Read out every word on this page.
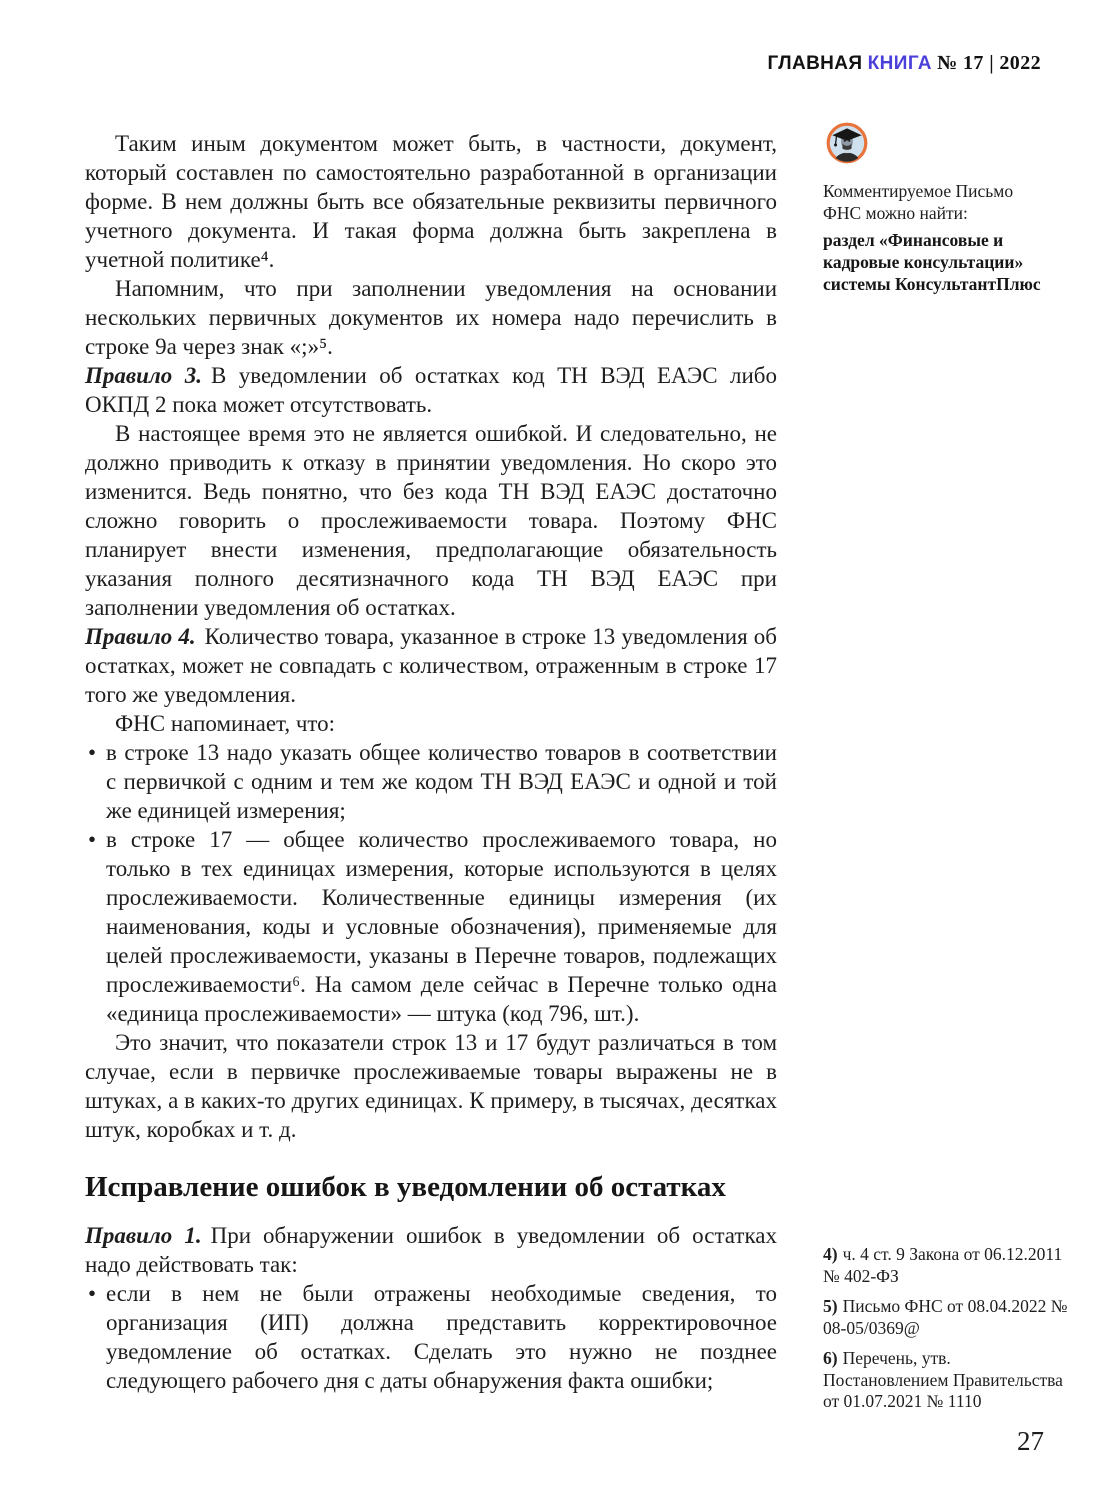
ГЛАВНАЯ КНИГА № 17 | 2022

Таким иным документом может быть, в частности, документ, который составлен по самостоятельно разработанной в организации форме. В нем должны быть все обязательные реквизиты первичного учетного документа. И такая форма должна быть закреплена в учетной политике⁴.

Напомним, что при заполнении уведомления на основании нескольких первичных документов их номера надо перечислить в строке 9а через знак «;»⁵.

Правило 3. В уведомлении об остатках код ТН ВЭД ЕАЭС либо ОКПД 2 пока может отсутствовать.

В настоящее время это не является ошибкой. И следовательно, не должно приводить к отказу в принятии уведомления. Но скоро это изменится. Ведь понятно, что без кода ТН ВЭД ЕАЭС достаточно сложно говорить о прослеживаемости товара. Поэтому ФНС планирует внести изменения, предполагающие обязательность указания полного десятизначного кода ТН ВЭД ЕАЭС при заполнении уведомления об остатках.

Правило 4. Количество товара, указанное в строке 13 уведомления об остатках, может не совпадать с количеством, отраженным в строке 17 того же уведомления.

ФНС напоминает, что:

• в строке 13 надо указать общее количество товаров в соответствии с первичкой с одним и тем же кодом ТН ВЭД ЕАЭС и одной и той же единицей измерения;
• в строке 17 — общее количество прослеживаемого товара, но только в тех единицах измерения, которые используются в целях прослеживаемости. Количественные единицы измерения (их наименования, коды и условные обозначения), применяемые для целей прослеживаемости, указаны в Перечне товаров, подлежащих прослеживаемости⁶. На самом деле сейчас в Перечне только одна «единица прослеживаемости» — штука (код 796, шт.).

Это значит, что показатели строк 13 и 17 будут различаться в том случае, если в первичке прослеживаемые товары выражены не в штуках, а в каких-то других единицах. К примеру, в тысячах, десятках штук, коробках и т. д.

Исправление ошибок в уведомлении об остатках

Правило 1. При обнаружении ошибок в уведомлении об остатках надо действовать так:

• если в нем не были отражены необходимые сведения, то организация (ИП) должна представить корректировочное уведомление об остатках. Сделать это нужно не позднее следующего рабочего дня с даты обнаружения факта ошибки;
Комментируемое Письмо ФНС можно найти:
раздел «Финансовые и кадровые консультации» системы КонсультантПлюс
4) ч. 4 ст. 9 Закона от 06.12.2011 № 402-ФЗ
5) Письмо ФНС от 08.04.2022 № 08-05/0369@
6) Перечень, утв. Постановлением Правительства от 01.07.2021 № 1110
27
